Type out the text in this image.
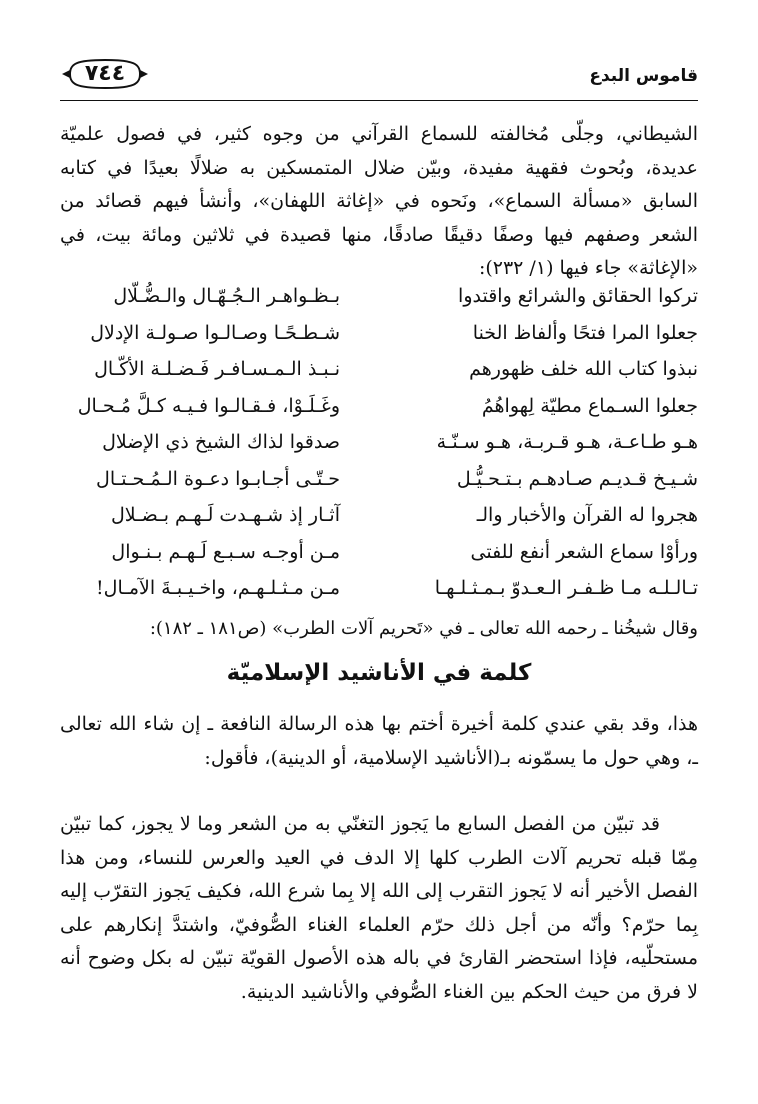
قاموس البدع
٧٤٤

الشيطاني، وجلّى مُخالفته للسماع القرآني من وجوه كثير، في فصول علميّة عديدة، وبُحوث فقهية مفيدة، وبيّن ضلال المتمسكين به ضلالًا بعيدًا في كتابه السابق «مسألة السماع»، ونَحوه في «إغاثة اللهفان»، وأنشأ فيهم قصائد من الشعر وصفهم فيها وصفًا دقيقًا صادقًا، منها قصيدة في ثلاثين ومائة بيت، في «الإغاثة» جاء فيها (١/ ٢٣٢):

تركوا الحقائق والشرائع واقتدوا
بـظـواهـر الـجُـهّـال والـضُّـلّال
جعلوا المرا فتحًا وألفاظ الخنا
شـطـحًـا وصـالـوا صـولـة الإدلال
نبذوا كتاب الله خلف ظهورهم
نـبـذ الـمـسـافـر فَـضـلـة الأكّـال
جعلوا السـماع مطيّة لِهواهُمُ
وغَـلَـوْا، فـقـالـوا فـيـه كـلَّ مُـحـال
هـو طـاعـة، هـو قـربـة، هـو سـنّـة
صدقوا لذاك الشيخ ذي الإضلال
شـيـخ قـديـم صـادهـم بـتـحـيُّـل
حـتّـى أجـابـوا دعـوة الـمُـحـتـال
هجروا له القرآن والأخبار والـ
آثـار إذ شـهـدت لَـهـم بـضـلال
ورأوْا سماع الشعر أنفع للفتى
مـن أوجـه سـبـع لَـهـم بـنـوال
تـالـلـه مـا ظـفـر الـعـدوّ بـمـثـلـهـا
مـن مـثـلـهـم، واخـيـبـةَ الآمـال!
وقال شيخُنا ـ رحمه الله تعالى ـ في «تَحريم آلات الطرب» (ص١٨١ ـ ١٨٢):
كلمة في الأناشيد الإسلاميّة

هذا، وقد بقي عندي كلمة أخيرة أختم بها هذه الرسالة النافعة ـ إن شاء الله تعالى ـ، وهي حول ما يسمّونه بـ(الأناشيد الإسلامية، أو الدينية)، فأقول:

قد تبيّن من الفصل السابع ما يَجوز التغنّي به من الشعر وما لا يجوز، كما تبيّن مِمّا قبله تحريم آلات الطرب كلها إلا الدف في العيد والعرس للنساء، ومن هذا الفصل الأخير أنه لا يَجوز التقرب إلى الله إلا بِما شرع الله، فكيف يَجوز التقرّب إليه بِما حرّم؟ وأنّه من أجل ذلك حرّم العلماء الغناء الصُّوفيّ، واشتدَّ إنكارهم على مستحلّيه، فإذا استحضر القارئ في باله هذه الأصول القويّة تبيّن له بكل وضوح أنه لا فرق من حيث الحكم بين الغناء الصُّوفي والأناشيد الدينية.
